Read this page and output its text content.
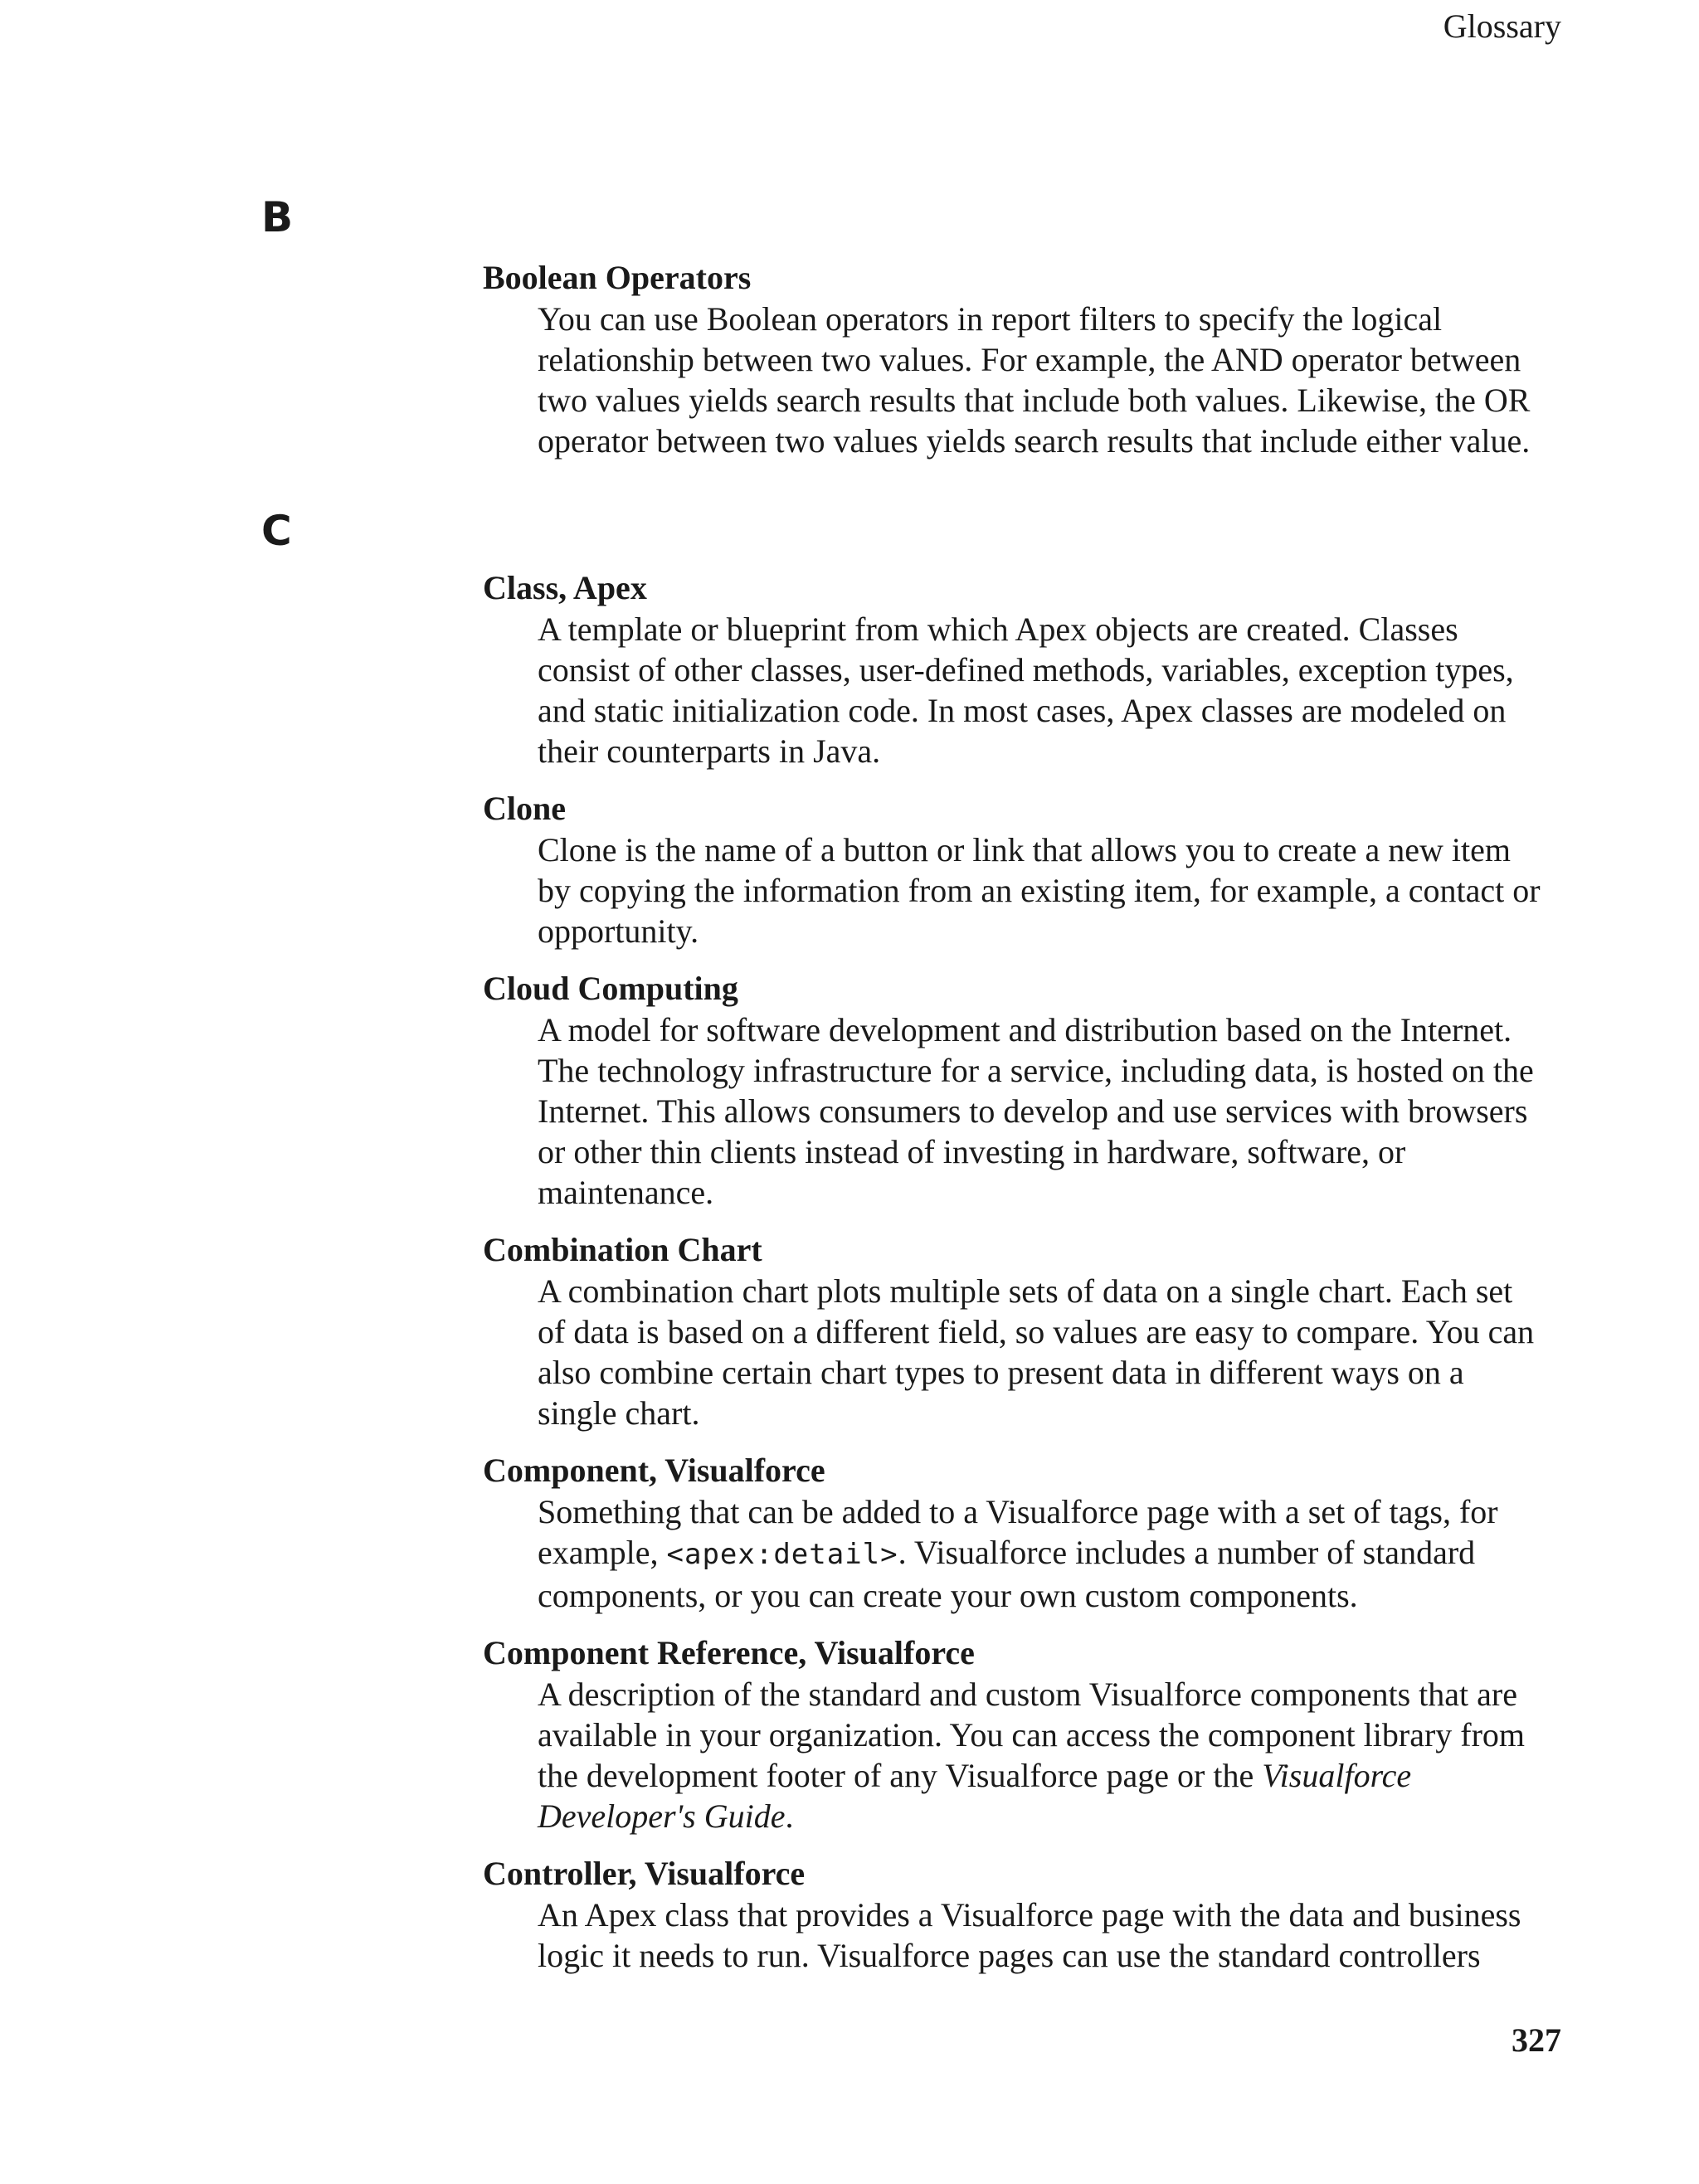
Glossary
B

Boolean Operators

You can use Boolean operators in report filters to specify the logical relationship between two values. For example, the AND operator between two values yields search results that include both values. Likewise, the OR operator between two values yields search results that include either value.

C

Class, Apex

A template or blueprint from which Apex objects are created. Classes consist of other classes, user-defined methods, variables, exception types, and static initialization code. In most cases, Apex classes are modeled on their counterparts in Java.

Clone

Clone is the name of a button or link that allows you to create a new item by copying the information from an existing item, for example, a contact or opportunity.

Cloud Computing

A model for software development and distribution based on the Internet. The technology infrastructure for a service, including data, is hosted on the Internet. This allows consumers to develop and use services with browsers or other thin clients instead of investing in hardware, software, or maintenance.

Combination Chart

A combination chart plots multiple sets of data on a single chart. Each set of data is based on a different field, so values are easy to compare. You can also combine certain chart types to present data in different ways on a single chart.

Component, Visualforce

Something that can be added to a Visualforce page with a set of tags, for example, <apex:detail>. Visualforce includes a number of standard components, or you can create your own custom components.

Component Reference, Visualforce

A description of the standard and custom Visualforce components that are available in your organization. You can access the component library from the development footer of any Visualforce page or the Visualforce Developer's Guide.

Controller, Visualforce

An Apex class that provides a Visualforce page with the data and business logic it needs to run. Visualforce pages can use the standard controllers

327
